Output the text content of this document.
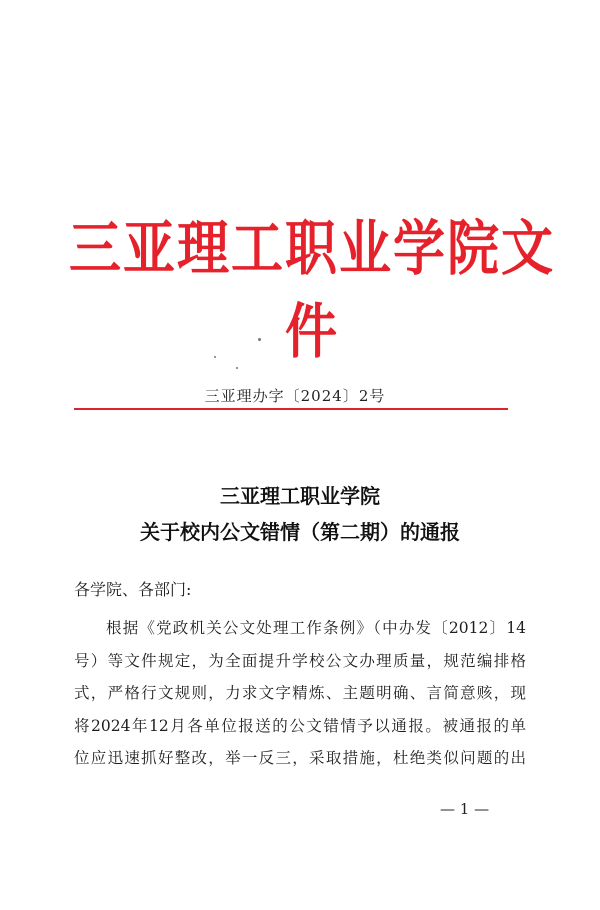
三亚理工职业学院文件
三亚理办字〔2024〕2号
三亚理工职业学院
关于校内公文错情（第二期）的通报
各学院、各部门:
根据《党政机关公文处理工作条例》（中办发〔2012〕14
号）等文件规定，为全面提升学校公文办理质量，规范编排格
式，严格行文规则，力求文字精炼、主题明确、言简意赅，现
将2024年12月各单位报送的公文错情予以通报。被通报的单
位应迅速抓好整改，举一反三，采取措施，杜绝类似问题的出
— 1 —
